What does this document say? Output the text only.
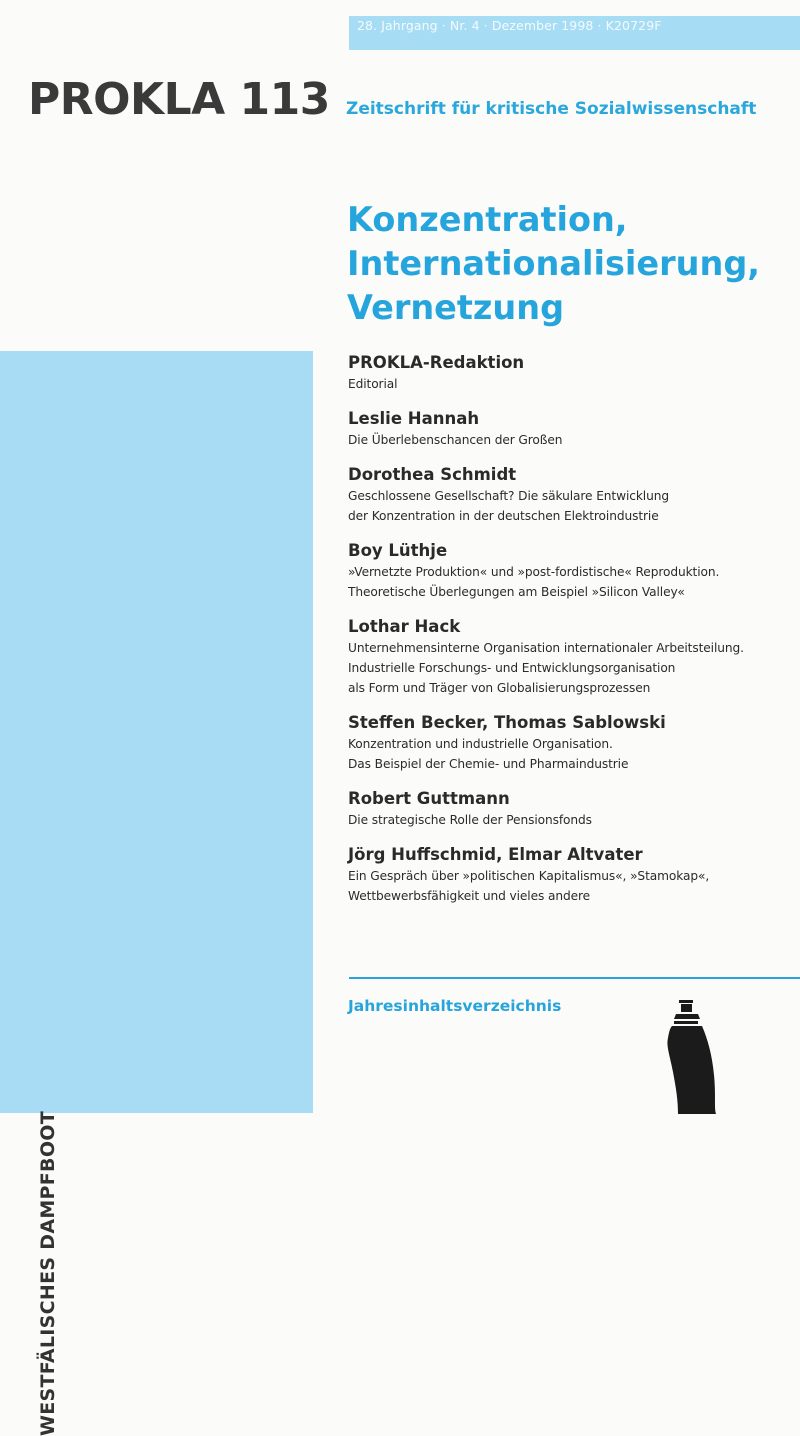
28. Jahrgang · Nr. 4 · Dezember 1998 · K20729F
PROKLA 113 Zeitschrift für kritische Sozialwissenschaft
Konzentration,
Internationalisierung,
Vernetzung
WESTFÄLISCHES DAMPFBOOT
PROKLA-Redaktion
Editorial
Leslie Hannah
Die Überlebenschancen der Großen
Dorothea Schmidt
Geschlossene Gesellschaft? Die säkulare Entwicklung
der Konzentration in der deutschen Elektroindustrie
Boy Lüthje
»Vernetzte Produktion« und »post-fordistische« Reproduktion.
Theoretische Überlegungen am Beispiel »Silicon Valley«
Lothar Hack
Unternehmensinterne Organisation internationaler Arbeitsteilung.
Industrielle Forschungs- und Entwicklungsorganisation
als Form und Träger von Globalisierungsprozessen
Steffen Becker, Thomas Sablowski
Konzentration und industrielle Organisation.
Das Beispiel der Chemie- und Pharmaindustrie
Robert Guttmann
Die strategische Rolle der Pensionsfonds
Jörg Huffschmid, Elmar Altvater
Ein Gespräch über »politischen Kapitalismus«, »Stamokap«,
Wettbewerbsfähigkeit und vieles andere
Jahresinhaltsverzeichnis
